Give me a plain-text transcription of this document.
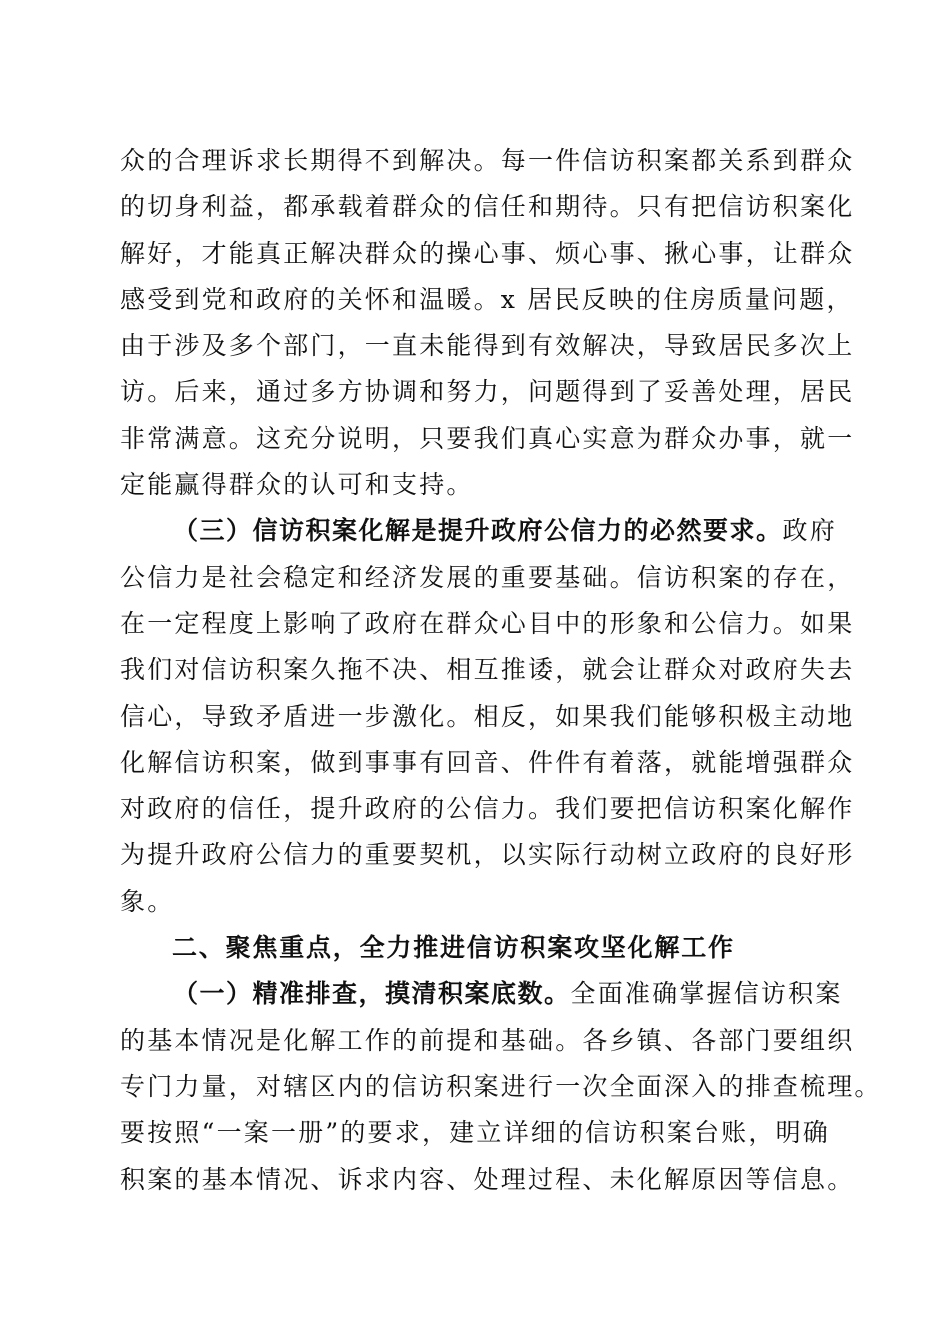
众的合理诉求长期得不到解决。每一件信访积案都关系到群众
的切身利益，都承载着群众的信任和期待。只有把信访积案化
解好，才能真正解决群众的操心事、烦心事、揪心事，让群众
感受到党和政府的关怀和温暖。x 居民反映的住房质量问题，
由于涉及多个部门，一直未能得到有效解决，导致居民多次上
访。后来，通过多方协调和努力，问题得到了妥善处理，居民
非常满意。这充分说明，只要我们真心实意为群众办事，就一
定能赢得群众的认可和支持。
（三）信访积案化解是提升政府公信力的必然要求。政府
公信力是社会稳定和经济发展的重要基础。信访积案的存在，
在一定程度上影响了政府在群众心目中的形象和公信力。如果
我们对信访积案久拖不决、相互推诿，就会让群众对政府失去
信心，导致矛盾进一步激化。相反，如果我们能够积极主动地
化解信访积案，做到事事有回音、件件有着落，就能增强群众
对政府的信任，提升政府的公信力。我们要把信访积案化解作
为提升政府公信力的重要契机，以实际行动树立政府的良好形
象。
二、聚焦重点，全力推进信访积案攻坚化解工作
（一）精准排查，摸清积案底数。全面准确掌握信访积案
的基本情况是化解工作的前提和基础。各乡镇、各部门要组织
专门力量，对辖区内的信访积案进行一次全面深入的排查梳理。
要按照“一案一册”的要求，建立详细的信访积案台账，明确
积案的基本情况、诉求内容、处理过程、未化解原因等信息。
